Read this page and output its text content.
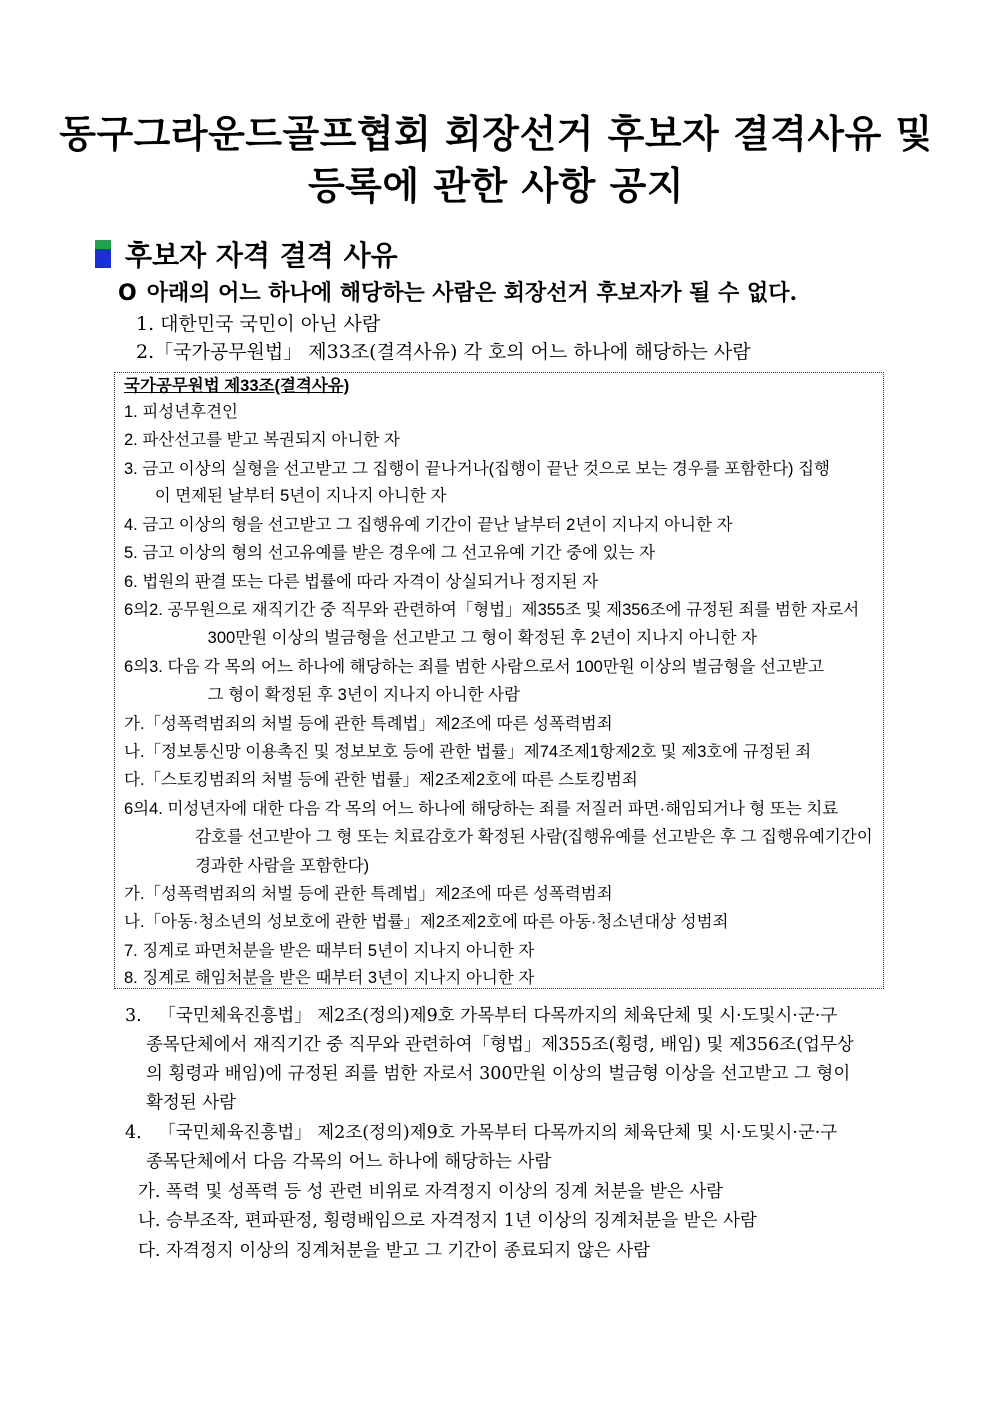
동구그라운드골프협회 회장선거 후보자 결격사유 및
등록에 관한 사항 공지
후보자 자격 결격 사유
O 아래의 어느 하나에 해당하는 사람은 회장선거 후보자가 될 수 없다.
1. 대한민국 국민이 아닌 사람
2.「국가공무원법」 제33조(결격사유) 각 호의 어느 하나에 해당하는 사람
국가공무원법 제33조(결격사유)
1. 피성년후견인
2. 파산선고를 받고 복권되지 아니한 자
3. 금고 이상의 실형을 선고받고 그 집행이 끝나거나(집행이 끝난 것으로 보는 경우를 포함한다) 집행
이 면제된 날부터 5년이 지나지 아니한 자
4. 금고 이상의 형을 선고받고 그 집행유예 기간이 끝난 날부터 2년이 지나지 아니한 자
5. 금고 이상의 형의 선고유예를 받은 경우에 그 선고유예 기간 중에 있는 자
6. 법원의 판결 또는 다른 법률에 따라 자격이 상실되거나 정지된 자
6의2. 공무원으로 재직기간 중 직무와 관련하여「형법」제355조 및 제356조에 규정된 죄를 범한 자로서
300만원 이상의 벌금형을 선고받고 그 형이 확정된 후 2년이 지나지 아니한 자
6의3. 다음 각 목의 어느 하나에 해당하는 죄를 범한 사람으로서 100만원 이상의 벌금형을 선고받고
그 형이 확정된 후 3년이 지나지 아니한 사람
가.「성폭력범죄의 처벌 등에 관한 특례법」제2조에 따른 성폭력범죄
나.「정보통신망 이용촉진 및 정보보호 등에 관한 법률」제74조제1항제2호 및 제3호에 규정된 죄
다.「스토킹범죄의 처벌 등에 관한 법률」제2조제2호에 따른 스토킹범죄
6의4. 미성년자에 대한 다음 각 목의 어느 하나에 해당하는 죄를 저질러 파면·해임되거나 형 또는 치료
감호를 선고받아 그 형 또는 치료감호가 확정된 사람(집행유예를 선고받은 후 그 집행유예기간이
경과한 사람을 포함한다)
가.「성폭력범죄의 처벌 등에 관한 특례법」제2조에 따른 성폭력범죄
나.「아동·청소년의 성보호에 관한 법률」제2조제2호에 따른 아동·청소년대상 성범죄
7. 징계로 파면처분을 받은 때부터 5년이 지나지 아니한 자
8. 징계로 해임처분을 받은 때부터 3년이 지나지 아니한 자
3.   「국민체육진흥법」 제2조(정의)제9호 가목부터 다목까지의 체육단체 및 시·도및시·군·구
종목단체에서 재직기간 중 직무와 관련하여「형법」제355조(횡령, 배임) 및 제356조(업무상
의 횡령과 배임)에 규정된 죄를 범한 자로서 300만원 이상의 벌금형 이상을 선고받고 그 형이
확정된 사람
4.   「국민체육진흥법」 제2조(정의)제9호 가목부터 다목까지의 체육단체 및 시·도및시·군·구
종목단체에서 다음 각목의 어느 하나에 해당하는 사람
가. 폭력 및 성폭력 등 성 관련 비위로 자격정지 이상의 징계 처분을 받은 사람
나. 승부조작, 편파판정, 횡령배임으로 자격정지 1년 이상의 징계처분을 받은 사람
다. 자격정지 이상의 징계처분을 받고 그 기간이 종료되지 않은 사람
